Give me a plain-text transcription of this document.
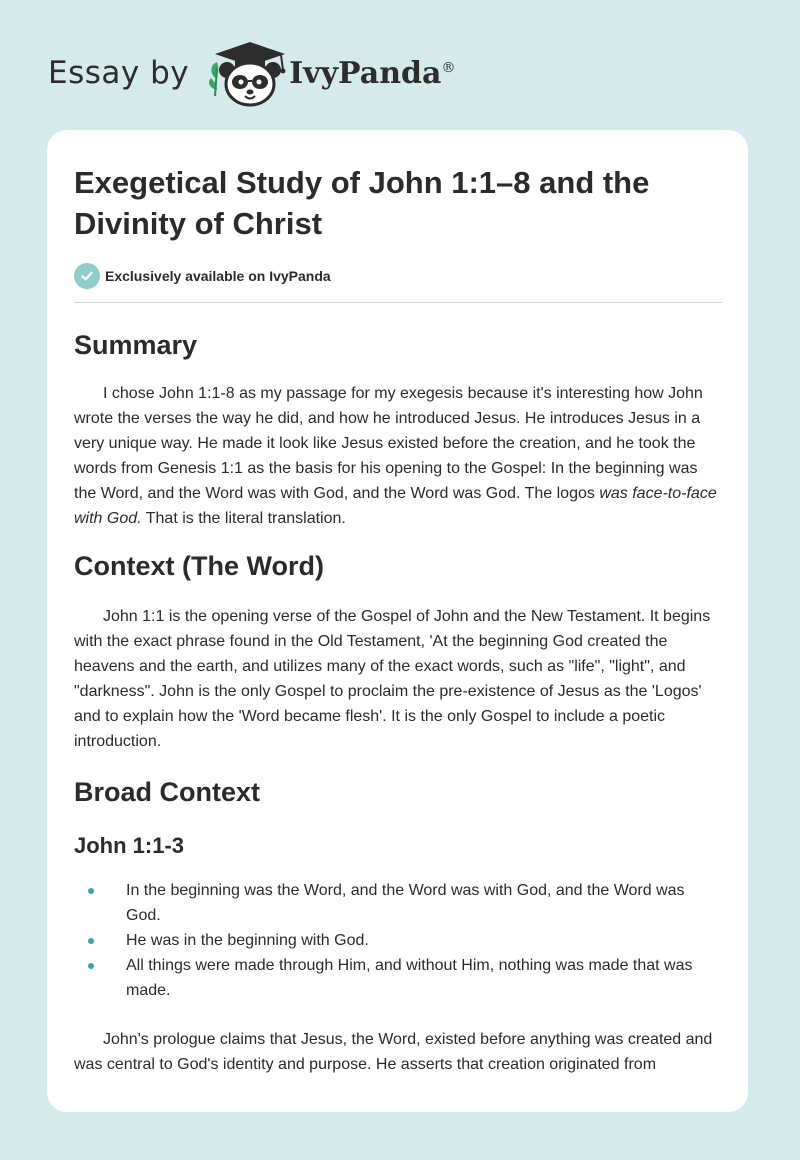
Essay by	IvyPanda®
Exegetical Study of John 1:1–8 and the Divinity of Christ
Exclusively available on IvyPanda
Summary

I chose John 1:1-8 as my passage for my exegesis because it's interesting how John wrote the verses the way he did, and how he introduced Jesus. He introduces Jesus in a very unique way. He made it look like Jesus existed before the creation, and he took the words from Genesis 1:1 as the basis for his opening to the Gospel: In the beginning was the Word, and the Word was with God, and the Word was God. The logos was face-to-face with God. That is the literal translation.

Context (The Word)

John 1:1 is the opening verse of the Gospel of John and the New Testament. It begins with the exact phrase found in the Old Testament, 'At the beginning God created the heavens and the earth, and utilizes many of the exact words, such as "life", "light", and "darkness". John is the only Gospel to proclaim the pre-existence of Jesus as the 'Logos' and to explain how the 'Word became flesh'. It is the only Gospel to include a poetic introduction.

Broad Context
John 1:1-3
In the beginning was the Word, and the Word was with God, and the Word was God.
He was in the beginning with God.
All things were made through Him, and without Him, nothing was made that was made.

John's prologue claims that Jesus, the Word, existed before anything was created and was central to God's identity and purpose. He asserts that creation originated from
